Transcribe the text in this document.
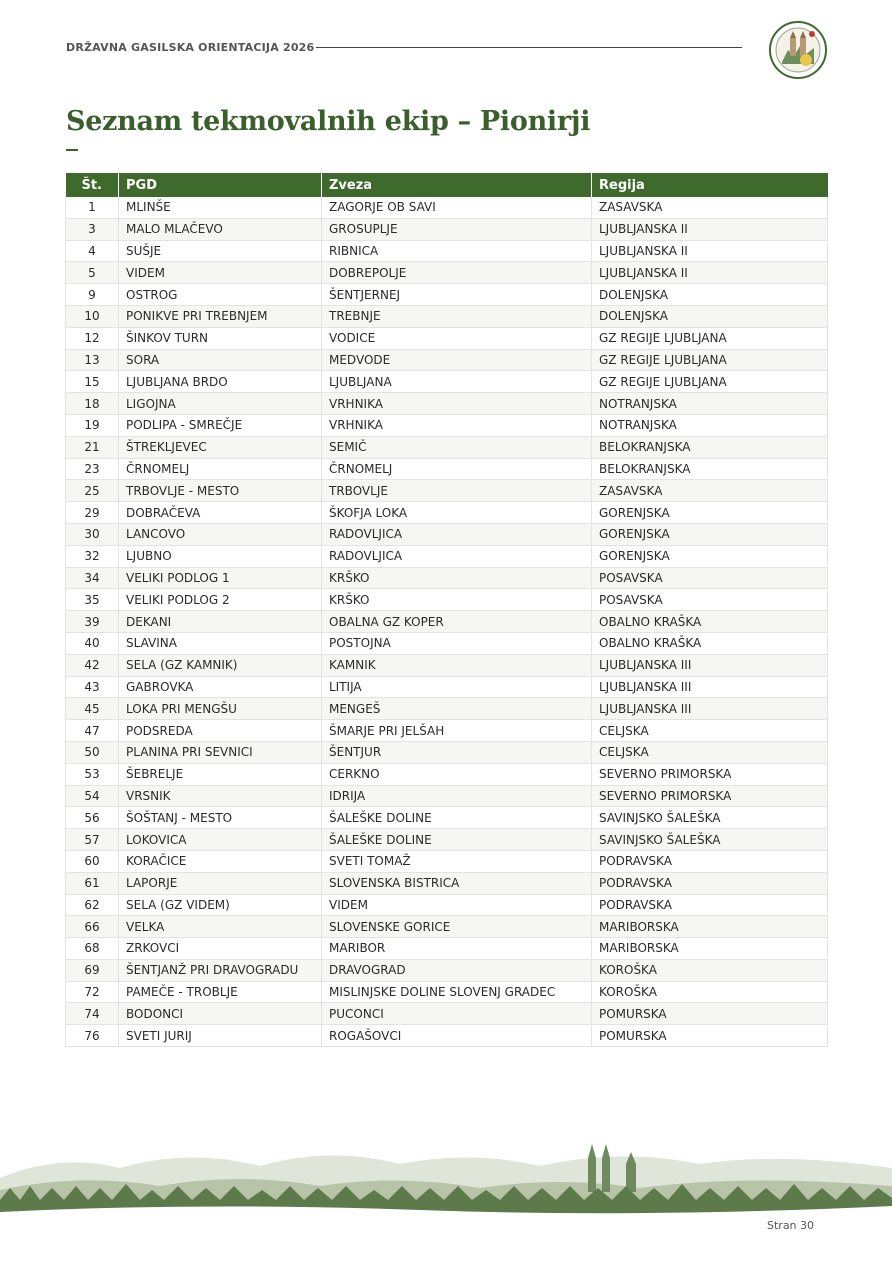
DRŽAVNA GASILSKA ORIENTACIJA 2026
Seznam tekmovalnih ekip – Pionirji
Št.	PGD	Zveza	Regija
1	MLINŠE	ZAGORJE OB SAVI	ZASAVSKA
3	MALO MLAČEVO	GROSUPLJE	LJUBLJANSKA II
4	SUŠJE	RIBNICA	LJUBLJANSKA II
5	VIDEM	DOBREPOLJE	LJUBLJANSKA II
9	OSTROG	ŠENTJERNEJ	DOLENJSKA
10	PONIKVE PRI TREBNJEM	TREBNJE	DOLENJSKA
12	ŠINKOV TURN	VODICE	GZ REGIJE LJUBLJANA
13	SORA	MEDVODE	GZ REGIJE LJUBLJANA
15	LJUBLJANA BRDO	LJUBLJANA	GZ REGIJE LJUBLJANA
18	LIGOJNA	VRHNIKA	NOTRANJSKA
19	PODLIPA - SMREČJE	VRHNIKA	NOTRANJSKA
21	ŠTREKLJEVEC	SEMIČ	BELOKRANJSKA
23	ČRNOMELJ	ČRNOMELJ	BELOKRANJSKA
25	TRBOVLJE - MESTO	TRBOVLJE	ZASAVSKA
29	DOBRAČEVA	ŠKOFJA LOKA	GORENJSKA
30	LANCOVO	RADOVLJICA	GORENJSKA
32	LJUBNO	RADOVLJICA	GORENJSKA
34	VELIKI PODLOG 1	KRŠKO	POSAVSKA
35	VELIKI PODLOG 2	KRŠKO	POSAVSKA
39	DEKANI	OBALNA GZ KOPER	OBALNO KRAŠKA
40	SLAVINA	POSTOJNA	OBALNO KRAŠKA
42	SELA (GZ KAMNIK)	KAMNIK	LJUBLJANSKA III
43	GABROVKA	LITIJA	LJUBLJANSKA III
45	LOKA PRI MENGŠU	MENGEŠ	LJUBLJANSKA III
47	PODSREDA	ŠMARJE PRI JELŠAH	CELJSKA
50	PLANINA PRI SEVNICI	ŠENTJUR	CELJSKA
53	ŠEBRELJE	CERKNO	SEVERNO PRIMORSKA
54	VRSNIK	IDRIJA	SEVERNO PRIMORSKA
56	ŠOŠTANJ - MESTO	ŠALEŠKE DOLINE	SAVINJSKO ŠALEŠKA
57	LOKOVICA	ŠALEŠKE DOLINE	SAVINJSKO ŠALEŠKA
60	KORAČICE	SVETI TOMAŽ	PODRAVSKA
61	LAPORJE	SLOVENSKA BISTRICA	PODRAVSKA
62	SELA (GZ VIDEM)	VIDEM	PODRAVSKA
66	VELKA	SLOVENSKE GORICE	MARIBORSKA
68	ZRKOVCI	MARIBOR	MARIBORSKA
69	ŠENTJANŽ PRI DRAVOGRADU	DRAVOGRAD	KOROŠKA
72	PAMEČE - TROBLJE	MISLINJSKE DOLINE SLOVENJ GRADEC	KOROŠKA
74	BODONCI	PUCONCI	POMURSKA
76	SVETI JURIJ	ROGAŠOVCI	POMURSKA
Stran 30
